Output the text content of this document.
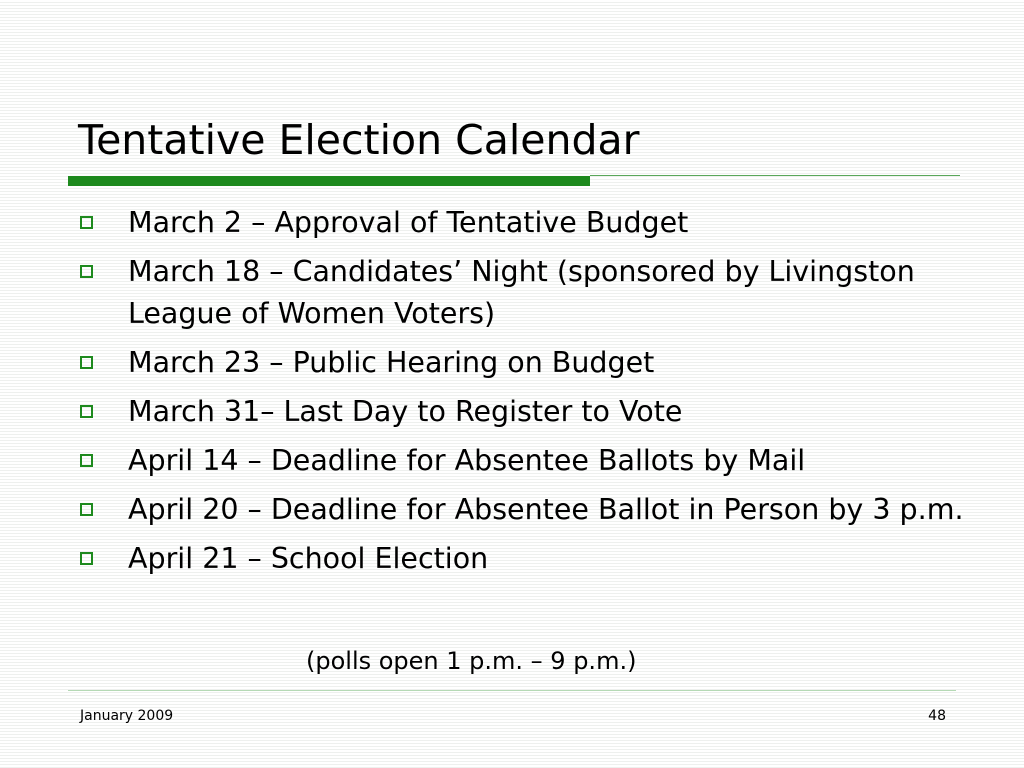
Tentative Election Calendar
March 2 – Approval of Tentative Budget
March 18 – Candidates’ Night (sponsored by Livingston League of Women Voters)
March 23 – Public Hearing on Budget
March 31– Last Day to Register to Vote
April 14 – Deadline for Absentee Ballots by Mail
April 20 – Deadline for Absentee Ballot in Person by 3 p.m.
April 21 – School Election
(polls open 1 p.m. – 9 p.m.)
January 2009	48
